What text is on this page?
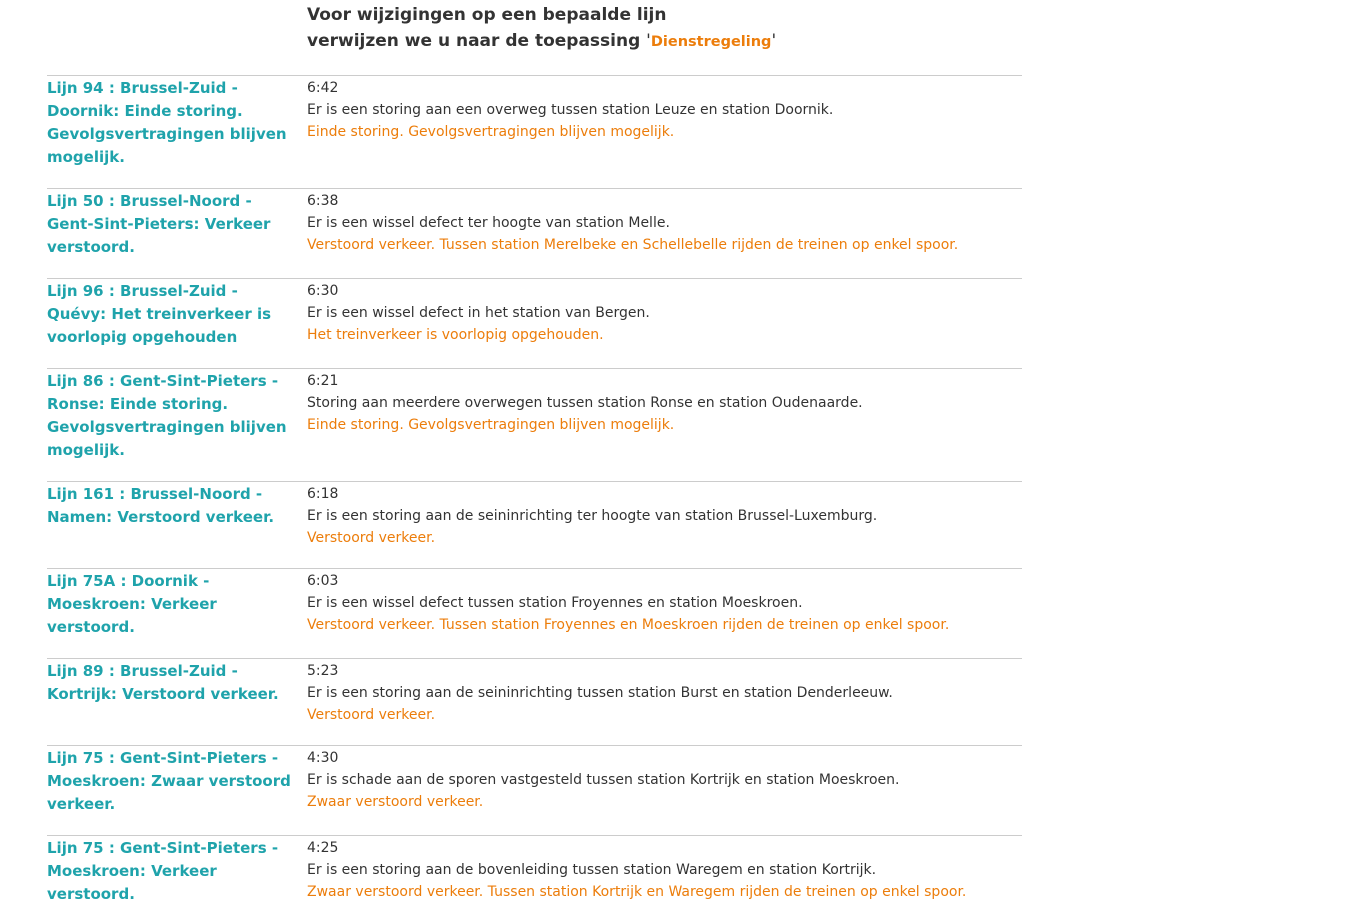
Voor wijzigingen op een bepaalde lijn
verwijzen we u naar de toepassing 'Dienstregeling'
Lijn 94 : Brussel-Zuid -
Doornik: Einde storing.
Gevolgsvertragingen blijven
mogelijk.
6:42
Er is een storing aan een overweg tussen station Leuze en station Doornik.
Einde storing. Gevolgsvertragingen blijven mogelijk.
Lijn 50 : Brussel-Noord -
Gent-Sint-Pieters: Verkeer
verstoord.
6:38
Er is een wissel defect ter hoogte van station Melle.
Verstoord verkeer. Tussen station Merelbeke en Schellebelle rijden de treinen op enkel spoor.
Lijn 96 : Brussel-Zuid -
Quévy: Het treinverkeer is
voorlopig opgehouden
6:30
Er is een wissel defect in het station van Bergen.
Het treinverkeer is voorlopig opgehouden.
Lijn 86 : Gent-Sint-Pieters -
Ronse: Einde storing.
Gevolgsvertragingen blijven
mogelijk.
6:21
Storing aan meerdere overwegen tussen station Ronse en station Oudenaarde.
Einde storing. Gevolgsvertragingen blijven mogelijk.
Lijn 161 : Brussel-Noord -
Namen: Verstoord verkeer.
6:18
Er is een storing aan de seininrichting ter hoogte van station Brussel-Luxemburg.
Verstoord verkeer.
Lijn 75A : Doornik -
Moeskroen: Verkeer
verstoord.
6:03
Er is een wissel defect tussen station Froyennes en station Moeskroen.
Verstoord verkeer. Tussen station Froyennes en Moeskroen rijden de treinen op enkel spoor.
Lijn 89 : Brussel-Zuid -
Kortrijk: Verstoord verkeer.
5:23
Er is een storing aan de seininrichting tussen station Burst en station Denderleeuw.
Verstoord verkeer.
Lijn 75 : Gent-Sint-Pieters -
Moeskroen: Zwaar verstoord
verkeer.
4:30
Er is schade aan de sporen vastgesteld tussen station Kortrijk en station Moeskroen.
Zwaar verstoord verkeer.
Lijn 75 : Gent-Sint-Pieters -
Moeskroen: Verkeer
verstoord.
4:25
Er is een storing aan de bovenleiding tussen station Waregem en station Kortrijk.
Zwaar verstoord verkeer. Tussen station Kortrijk en Waregem rijden de treinen op enkel spoor.
